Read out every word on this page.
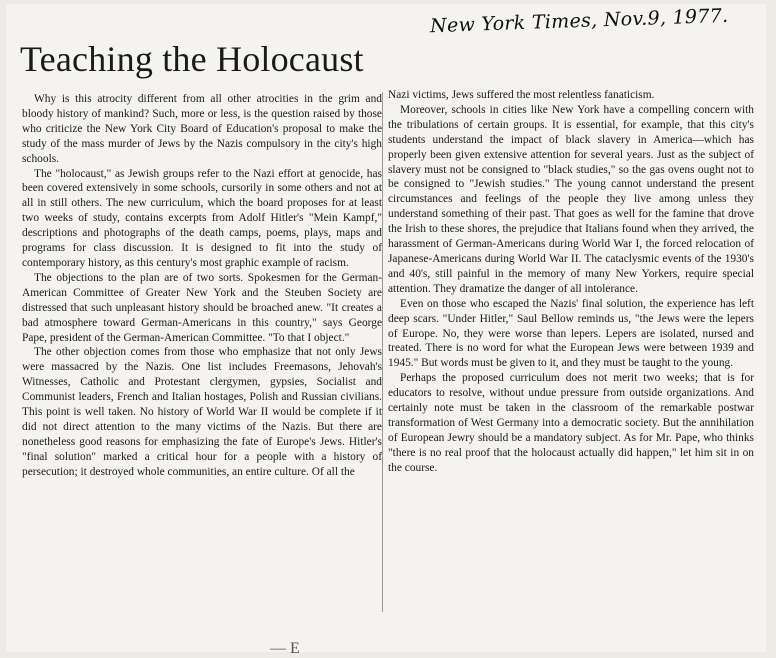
New York Times, Nov.9, 1977.
Teaching the Holocaust

Why is this atrocity different from all other atrocities in the grim and bloody history of mankind? Such, more or less, is the question raised by those who criticize the New York City Board of Education's proposal to make the study of the mass murder of Jews by the Nazis compulsory in the city's high schools.

The "holocaust," as Jewish groups refer to the Nazi effort at genocide, has been covered extensively in some schools, cursorily in some others and not at all in still others. The new curriculum, which the board proposes for at least two weeks of study, contains excerpts from Adolf Hitler's "Mein Kampf," descriptions and photographs of the death camps, poems, plays, maps and programs for class discussion. It is designed to fit into the study of contemporary history, as this century's most graphic example of racism.

The objections to the plan are of two sorts. Spokesmen for the German-American Committee of Greater New York and the Steuben Society are distressed that such unpleasant history should be broached anew. "It creates a bad atmosphere toward German-Americans in this country," says George Pape, president of the German-American Committee. "To that I object."

The other objection comes from those who emphasize that not only Jews were massacred by the Nazis. One list includes Freemasons, Jehovah's Witnesses, Catholic and Protestant clergymen, gypsies, Socialist and Communist leaders, French and Italian hostages, Polish and Russian civilians. This point is well taken. No history of World War II would be complete if it did not direct attention to the many victims of the Nazis. But there are nonetheless good reasons for emphasizing the fate of Europe's Jews. Hitler's "final solution" marked a critical hour for a people with a history of persecution; it destroyed whole communities, an entire culture. Of all the

Nazi victims, Jews suffered the most relentless fanaticism.

Moreover, schools in cities like New York have a compelling concern with the tribulations of certain groups. It is essential, for example, that this city's students understand the impact of black slavery in America—which has properly been given extensive attention for several years. Just as the subject of slavery must not be consigned to "black studies," so the gas ovens ought not to be consigned to "Jewish studies." The young cannot understand the present circumstances and feelings of the people they live among unless they understand something of their past. That goes as well for the famine that drove the Irish to these shores, the prejudice that Italians found when they arrived, the harassment of German-Americans during World War I, the forced relocation of Japanese-Americans during World War II. The cataclysmic events of the 1930's and 40's, still painful in the memory of many New Yorkers, require special attention. They dramatize the danger of all intolerance.

Even on those who escaped the Nazis' final solution, the experience has left deep scars. "Under Hitler," Saul Bellow reminds us, "the Jews were the lepers of Europe. No, they were worse than lepers. Lepers are isolated, nursed and treated. There is no word for what the European Jews were between 1939 and 1945." But words must be given to it, and they must be taught to the young.

Perhaps the proposed curriculum does not merit two weeks; that is for educators to resolve, without undue pressure from outside organizations. And certainly note must be taken in the classroom of the remarkable postwar transformation of West Germany into a democratic society. But the annihilation of European Jewry should be a mandatory subject. As for Mr. Pape, who thinks "there is no real proof that the holocaust actually did happen," let him sit in on the course.

— E
